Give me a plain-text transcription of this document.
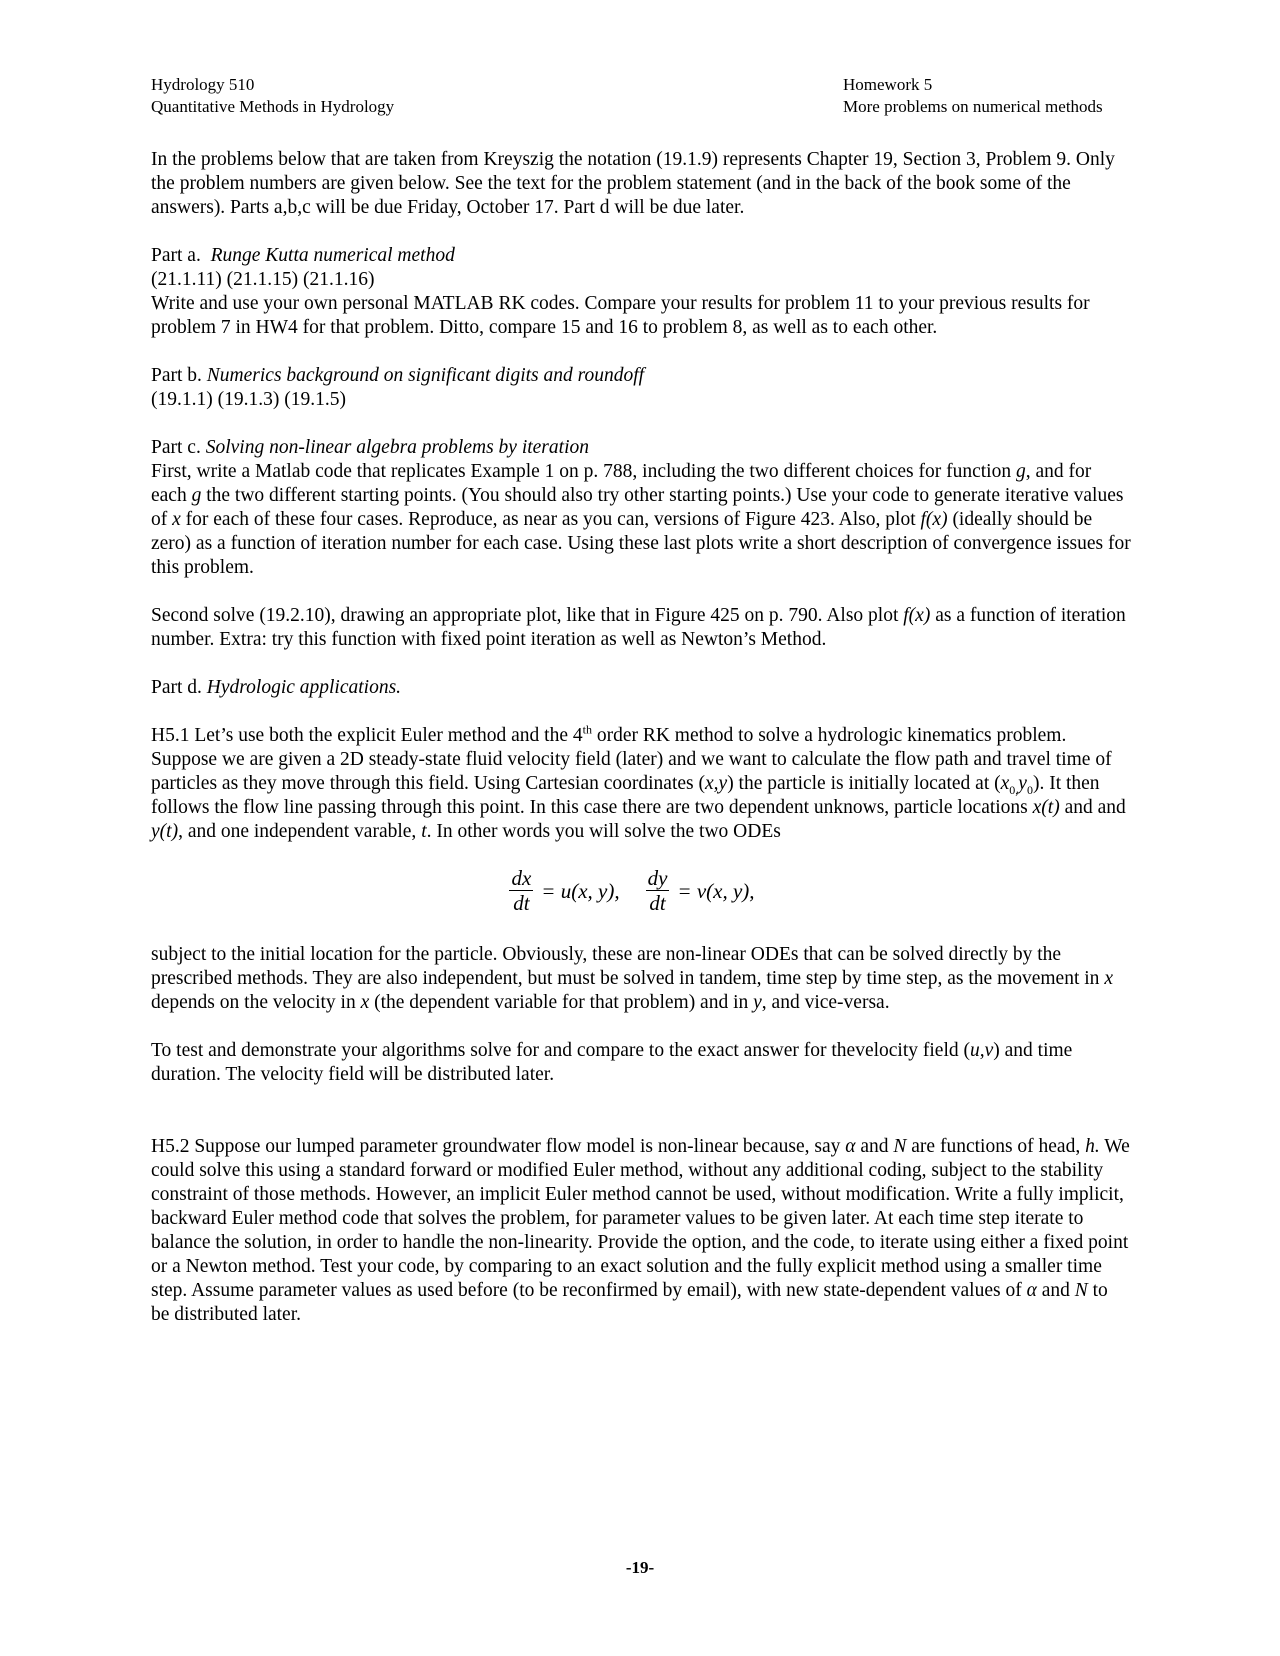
Hydrology 510
Quantitative Methods in Hydrology
Homework 5
More problems on numerical methods

In the problems below that are taken from Kreyszig the notation (19.1.9) represents Chapter 19, Section 3, Problem 9. Only the problem numbers are given below. See the text for the problem statement (and in the back of the book some of the answers). Parts a,b,c will be due Friday, October 17. Part d will be due later.

Part a. Runge Kutta numerical method

(21.1.11) (21.1.15) (21.1.16)

Write and use your own personal MATLAB RK codes. Compare your results for problem 11 to your previous results for problem 7 in HW4 for that problem. Ditto, compare 15 and 16 to problem 8, as well as to each other.

Part b. Numerics background on significant digits and roundoff

(19.1.1) (19.1.3) (19.1.5)

Part c. Solving non-linear algebra problems by iteration

First, write a Matlab code that replicates Example 1 on p. 788, including the two different choices for function g, and for each g the two different starting points. (You should also try other starting points.) Use your code to generate iterative values of x for each of these four cases. Reproduce, as near as you can, versions of Figure 423. Also, plot f(x) (ideally should be zero) as a function of iteration number for each case. Using these last plots write a short description of convergence issues for this problem.

Second solve (19.2.10), drawing an appropriate plot, like that in Figure 425 on p. 790. Also plot f(x) as a function of iteration number. Extra: try this function with fixed point iteration as well as Newton’s Method.

Part d. Hydrologic applications.

H5.1 Let’s use both the explicit Euler method and the 4th order RK method to solve a hydrologic kinematics problem. Suppose we are given a 2D steady-state fluid velocity field (later) and we want to calculate the flow path and travel time of particles as they move through this field. Using Cartesian coordinates (x,y) the particle is initially located at $(x_{0,}y_0)$. It then follows the flow line passing through this point. In this case there are two dependent unknows, particle locations x(t) and and y(t), and one independent varable, t. In other words you will solve the two ODEs

$\frac{dx}{dt} = u(x$, y), $\frac{dy}{dt} = v(x$, y),

subject to the initial location for the particle. Obviously, these are non-linear ODEs that can be solved directly by the prescribed methods. They are also independent, but must be solved in tandem, time step by time step, as the movement in x depends on the velocity in x (the dependent variable for that problem) and in y, and vice-versa.

To test and demonstrate your algorithms solve for and compare to the exact answer for thevelocity field (u,v) and time duration. The velocity field will be distributed later.

H5.2 Suppose our lumped parameter groundwater flow model is non-linear because, say α and N are functions of head, h. We could solve this using a standard forward or modified Euler method, without any additional coding, subject to the stability constraint of those methods. However, an implicit Euler method cannot be used, without modification. Write a fully implicit, backward Euler method code that solves the problem, for parameter values to be given later. At each time step iterate to balance the solution, in order to handle the non-linearity. Provide the option, and the code, to iterate using either a fixed point or a Newton method. Test your code, by comparing to an exact solution and the fully explicit method using a smaller time step. Assume parameter values as used before (to be reconfirmed by email), with new state-dependent values of α and N to be distributed later.

-19-
